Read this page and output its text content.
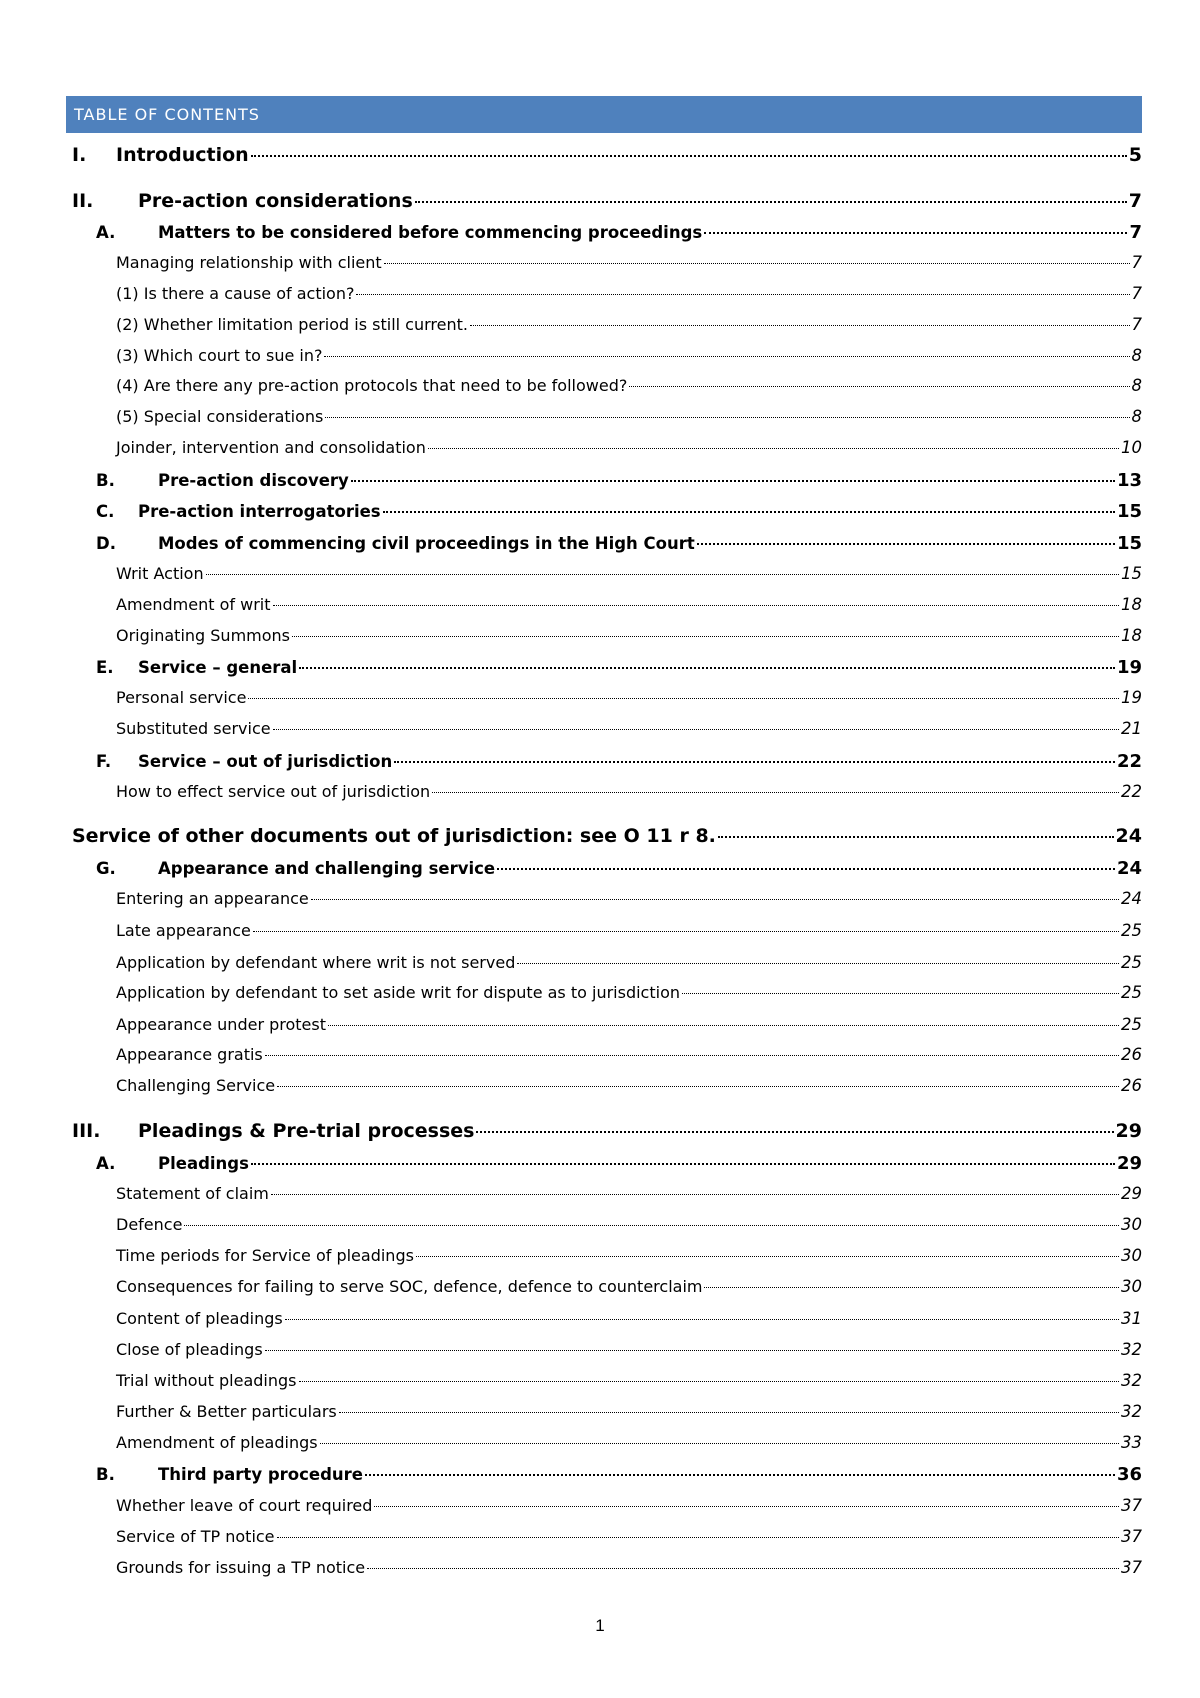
TABLE OF CONTENTS
I.	Introduction	5
II.	Pre-action considerations	7
A.	Matters to be considered before commencing proceedings	7
Managing relationship with client	7
(1) Is there a cause of action?	7
(2) Whether limitation period is still current.	7
(3) Which court to sue in?	8
(4) Are there any pre-action protocols that need to be followed?	8
(5) Special considerations	8
Joinder, intervention and consolidation	10
B.	Pre-action discovery	13
C.	Pre-action interrogatories	15
D.	Modes of commencing civil proceedings in the High Court	15
Writ Action	15
Amendment of writ	18
Originating Summons	18
E.	Service – general	19
Personal service	19
Substituted service	21
F.	Service – out of jurisdiction	22
How to effect service out of jurisdiction	22
Service of other documents out of jurisdiction: see O 11 r 8.	24
G.	Appearance and challenging service	24
Entering an appearance	24
Late appearance	25
Application by defendant where writ is not served	25
Application by defendant to set aside writ for dispute as to jurisdiction	25
Appearance under protest	25
Appearance gratis	26
Challenging Service	26
III.	Pleadings & Pre-trial processes	29
A.	Pleadings	29
Statement of claim	29
Defence	30
Time periods for Service of pleadings	30
Consequences for failing to serve SOC, defence, defence to counterclaim	30
Content of pleadings	31
Close of pleadings	32
Trial without pleadings	32
Further & Better particulars	32
Amendment of pleadings	33
B.	Third party procedure	36
Whether leave of court required	37
Service of TP notice	37
Grounds for issuing a TP notice	37
1
